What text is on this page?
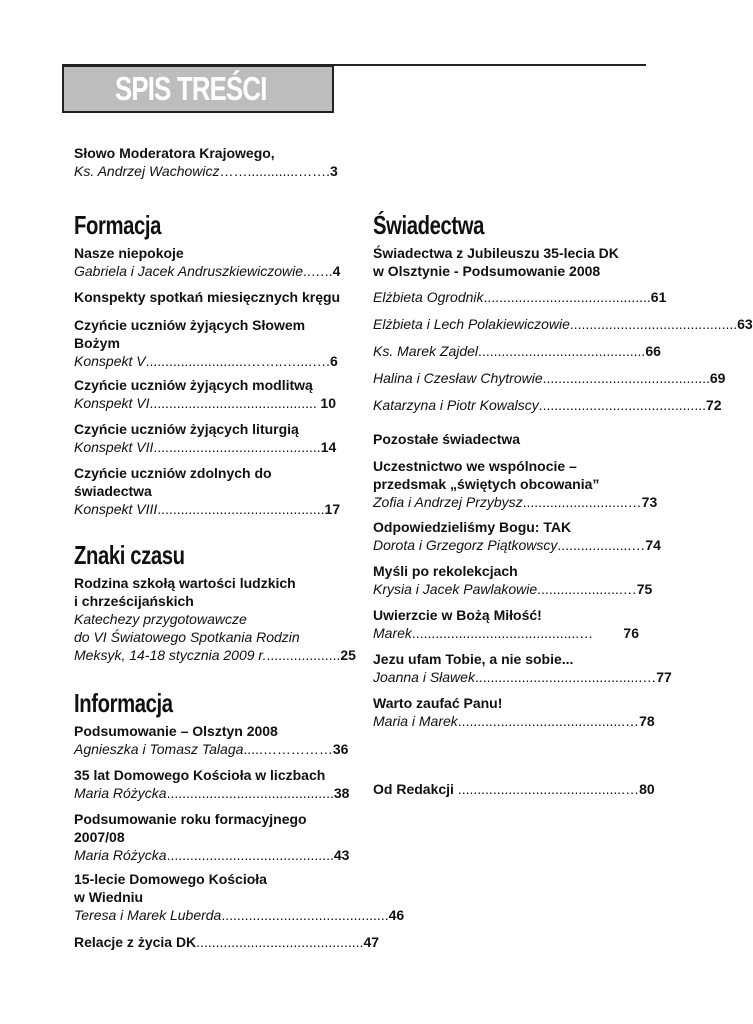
SPIS TREŚCI
Słowo Moderatora Krajowego,
Ks. Andrzej Wachowicz …….............……. 3
Formacja
Nasze niepokoje
Gabriela i Jacek Andruszkiewiczowie ..….. 4
Konspekty spotkań miesięcznych kręgu
Czyńcie uczniów żyjących Słowem
Bożym
Konspekt V ..........................……..…....…. 6
Czyńcie uczniów żyjących modlitwą
Konspekt VI ........................................... 10
Czyńcie uczniów żyjących liturgią
Konspekt VII ........................................... 14
Czyńcie uczniów zdolnych do
świadectwa
Konspekt VIII ........................................... 17
Znaki czasu
Rodzina szkołą wartości ludzkich
i chrześcijańskich
Katechezy przygotowawcze
do VI Światowego Spotkania Rodzin
Meksyk, 14-18 stycznia 2009 r. ................... 25
Informacja
Podsumowanie – Olsztyn 2008
Agnieszka i Tomasz Talaga .....…………… 36
35 lat Domowego Kościoła w liczbach
Maria Różycka ........................................... 38
Podsumowanie roku formacyjnego
2007/08
Maria Różycka ........................................... 43
15-lecie Domowego Kościoła
w Wiedniu
Teresa i Marek Luberda ........................................... 46
Relacje z życia DK ........................................... 47
Świadectwa
Świadectwa z Jubileuszu 35-lecia DK
w Olsztynie - Podsumowanie 2008
Elżbieta Ogrodnik ........................................... 61
Elżbieta i Lech Polakiewiczowie ........................................... 63
Ks. Marek Zajdel ........................................... 66
Halina i Czesław Chytrowie ........................................... 69
Katarzyna i Piotr Kowalscy ........................................... 72
Pozostałe świadectwa
Uczestnictwo we wspólnocie –
przedsmak „świętych obcowania”
Zofia i Andrzej Przybysz ...........................… 73
Odpowiedzieliśmy Bogu: TAK
Dorota i Grzegorz Piątkowscy ...................… 74
Myśli po rekolekcjach
Krysia i Jacek Pawlakowie ......................… 75
Uwierzcie w Bożą Miłość!
Marek ...........................................…	76
Jezu ufam Tobie, a nie sobie...
Joanna i Sławek ...........................................… 77
Warto zaufać Panu!
Maria i Marek ...........................................… 78
Od Redakcji ...........................................… 80
